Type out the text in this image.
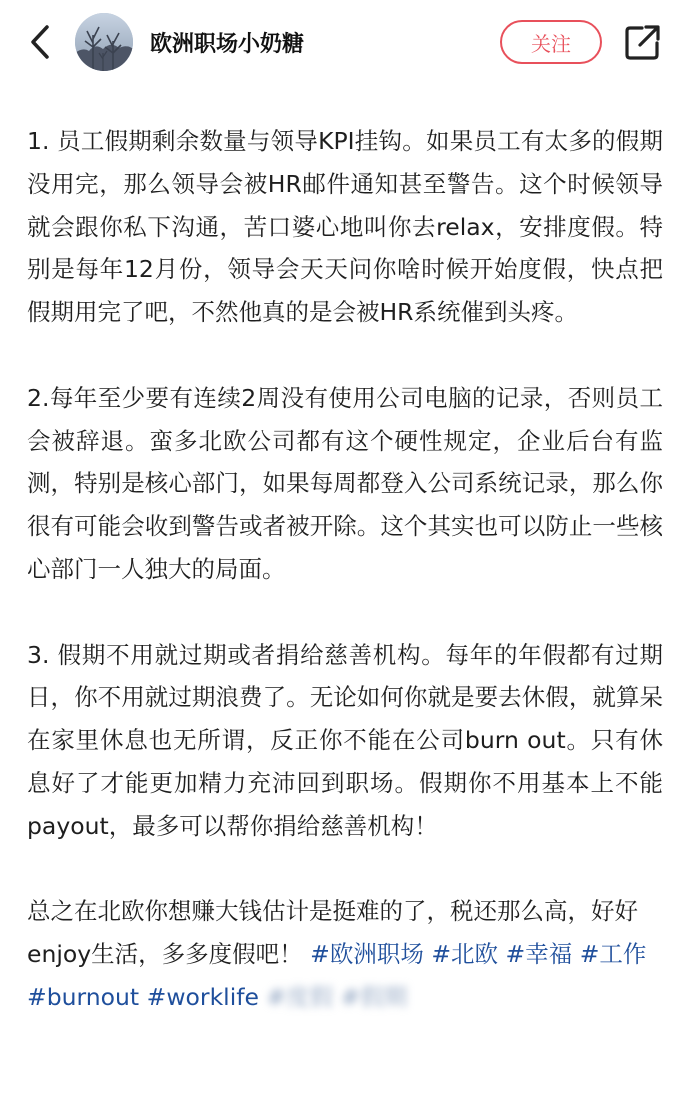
欧洲职场小奶糖	关注

1. 员工假期剩余数量与领导KPI挂钩。如果员工有太多的假期没用完，那么领导会被HR邮件通知甚至警告。这个时候领导就会跟你私下沟通，苦口婆心地叫你去relax，安排度假。特别是每年12月份，领导会天天问你啥时候开始度假，快点把假期用完了吧，不然他真的是会被HR系统催到头疼。

2.每年至少要有连续2周没有使用公司电脑的记录，否则员工会被辞退。蛮多北欧公司都有这个硬性规定，企业后台有监测，特别是核心部门，如果每周都登入公司系统记录，那么你很有可能会收到警告或者被开除。这个其实也可以防止一些核心部门一人独大的局面。

3. 假期不用就过期或者捐给慈善机构。每年的年假都有过期日，你不用就过期浪费了。无论如何你就是要去休假，就算呆在家里休息也无所谓，反正你不能在公司burn out。只有休息好了才能更加精力充沛回到职场。假期你不用基本上不能payout，最多可以帮你捐给慈善机构！

总之在北欧你想赚大钱估计是挺难的了，税还那么高，好好enjoy生活，多多度假吧！ #欧洲职场 #北欧 #幸福 #工作 #burnout #worklife #度假 #假期
